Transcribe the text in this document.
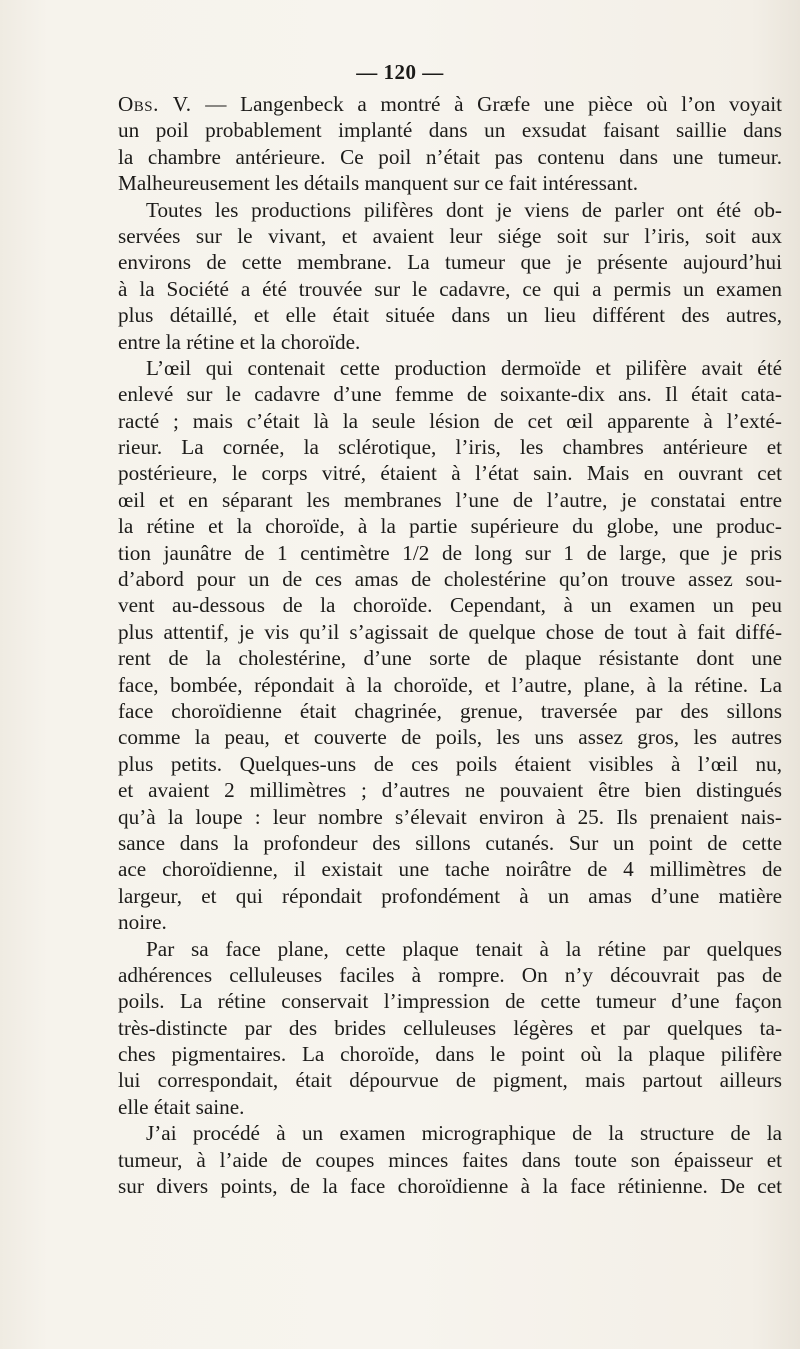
— 120 —
Obs. V. — Langenbeck a montré à Græfe une pièce où l’on voyait
un poil probablement implanté dans un exsudat faisant saillie dans
la chambre antérieure. Ce poil n’était pas contenu dans une tumeur.
Malheureusement les détails manquent sur ce fait intéressant.
Toutes les productions pilifères dont je viens de parler ont été ob-
servées sur le vivant, et avaient leur siége soit sur l’iris, soit aux
environs de cette membrane. La tumeur que je présente aujourd’hui
à la Société a été trouvée sur le cadavre, ce qui a permis un examen
plus détaillé, et elle était située dans un lieu différent des autres,
entre la rétine et la choroïde.
L’œil qui contenait cette production dermoïde et pilifère avait été
enlevé sur le cadavre d’une femme de soixante-dix ans. Il était cata-
racté ; mais c’était là la seule lésion de cet œil apparente à l’exté-
rieur. La cornée, la sclérotique, l’iris, les chambres antérieure et
postérieure, le corps vitré, étaient à l’état sain. Mais en ouvrant cet
œil et en séparant les membranes l’une de l’autre, je constatai entre
la rétine et la choroïde, à la partie supérieure du globe, une produc-
tion jaunâtre de 1 centimètre 1/2 de long sur 1 de large, que je pris
d’abord pour un de ces amas de cholestérine qu’on trouve assez sou-
vent au-dessous de la choroïde. Cependant, à un examen un peu
plus attentif, je vis qu’il s’agissait de quelque chose de tout à fait diffé-
rent de la cholestérine, d’une sorte de plaque résistante dont une
face, bombée, répondait à la choroïde, et l’autre, plane, à la rétine. La
face choroïdienne était chagrinée, grenue, traversée par des sillons
comme la peau, et couverte de poils, les uns assez gros, les autres
plus petits. Quelques-uns de ces poils étaient visibles à l’œil nu,
et avaient 2 millimètres ; d’autres ne pouvaient être bien distingués
qu’à la loupe : leur nombre s’élevait environ à 25. Ils prenaient nais-
sance dans la profondeur des sillons cutanés. Sur un point de cette
ace choroïdienne, il existait une tache noirâtre de 4 millimètres de
largeur, et qui répondait profondément à un amas d’une matière
noire.
Par sa face plane, cette plaque tenait à la rétine par quelques
adhérences celluleuses faciles à rompre. On n’y découvrait pas de
poils. La rétine conservait l’impression de cette tumeur d’une façon
très-distincte par des brides celluleuses légères et par quelques ta-
ches pigmentaires. La choroïde, dans le point où la plaque pilifère
lui correspondait, était dépourvue de pigment, mais partout ailleurs
elle était saine.
J’ai procédé à un examen micrographique de la structure de la
tumeur, à l’aide de coupes minces faites dans toute son épaisseur et
sur divers points, de la face choroïdienne à la face rétinienne. De cet
